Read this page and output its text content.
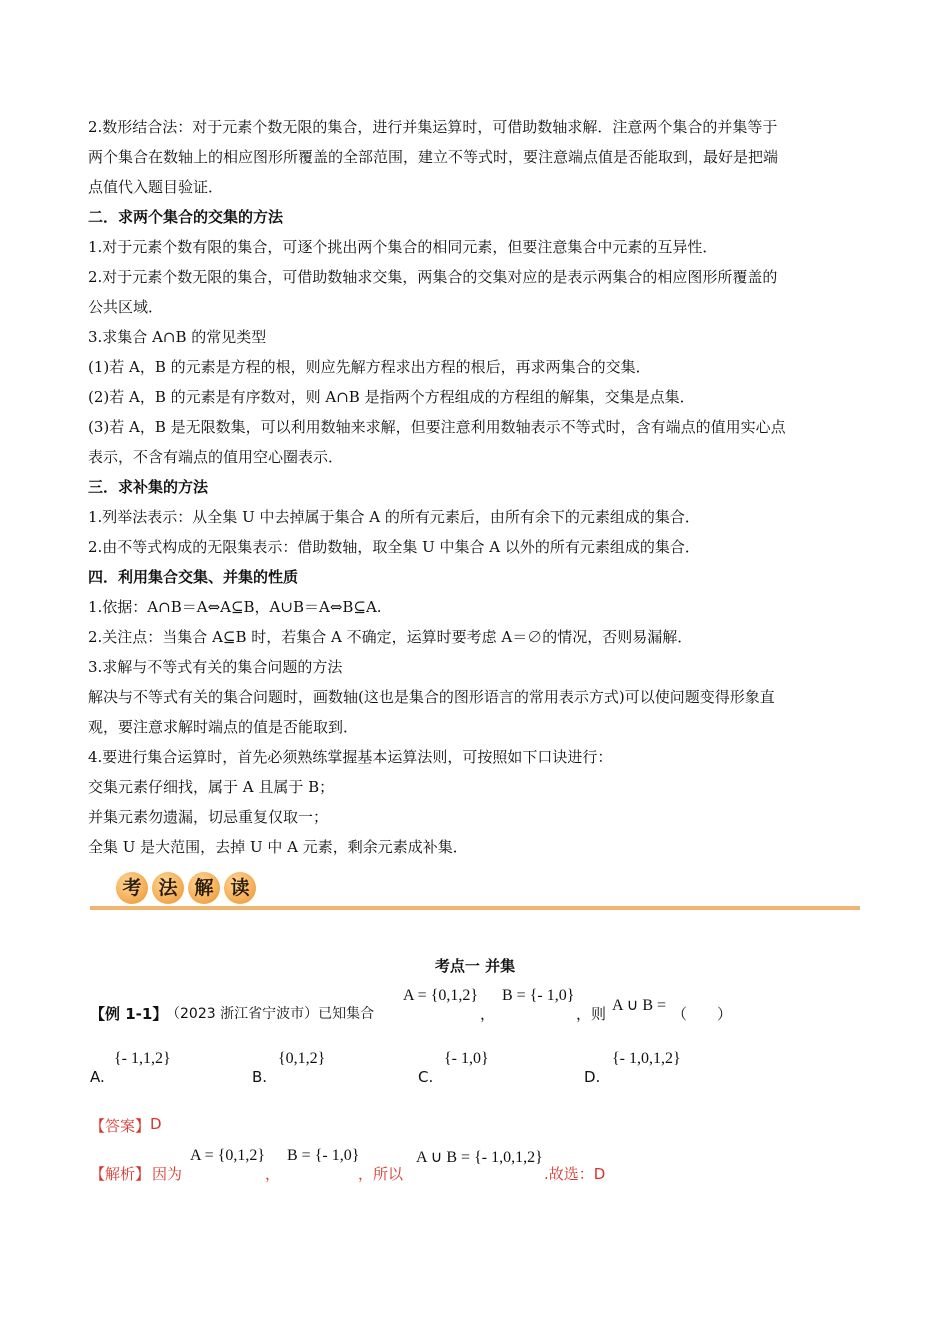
2.数形结合法：对于元素个数无限的集合，进行并集运算时，可借助数轴求解．注意两个集合的并集等于
两个集合在数轴上的相应图形所覆盖的全部范围，建立不等式时，要注意端点值是否能取到，最好是把端
点值代入题目验证．
二．求两个集合的交集的方法
1.对于元素个数有限的集合，可逐个挑出两个集合的相同元素，但要注意集合中元素的互异性．
2.对于元素个数无限的集合，可借助数轴求交集，两集合的交集对应的是表示两集合的相应图形所覆盖的
公共区域．
3.求集合 A∩B 的常见类型
(1)若 A，B 的元素是方程的根，则应先解方程求出方程的根后，再求两集合的交集．
(2)若 A，B 的元素是有序数对，则 A∩B 是指两个方程组成的方程组的解集，交集是点集．
(3)若 A，B 是无限数集，可以利用数轴来求解，但要注意利用数轴表示不等式时，含有端点的值用实心点
表示，不含有端点的值用空心圈表示．
三．求补集的方法
1.列举法表示：从全集 U 中去掉属于集合 A 的所有元素后，由所有余下的元素组成的集合．
2.由不等式构成的无限集表示：借助数轴，取全集 U 中集合 A 以外的所有元素组成的集合．
四．利用集合交集、并集的性质
1.依据：A∩B＝A⇔A⊆B，A∪B＝A⇔B⊆A.
2.关注点：当集合 A⊆B 时，若集合 A 不确定，运算时要考虑 A＝∅的情况，否则易漏解．
3.求解与不等式有关的集合问题的方法
解决与不等式有关的集合问题时，画数轴(这也是集合的图形语言的常用表示方式)可以使问题变得形象直
观，要注意求解时端点的值是否能取到．
4.要进行集合运算时，首先必须熟练掌握基本运算法则，可按照如下口诀进行：
交集元素仔细找，属于 A 且属于 B；
并集元素勿遗漏，切忌重复仅取一；
全集 U 是大范围，去掉 U 中 A 元素，剩余元素成补集．
考 法 解 读
考点一 并集
【例 1-1】
（2023 浙江省宁波市）已知集合
A = {0,1,2}
，
B = {- 1,0}
，则 A ∪ B = （　　）
A.
{- 1,1,2}
B.
{0,1,2}
C.
{- 1,0}
D.
{- 1,0,1,2}
【答案】 D
【解析】 因为
A = {0,1,2}
，
B = {- 1,0}
，所以
A ∪ B = {- 1,0,1,2}
.故选：D
